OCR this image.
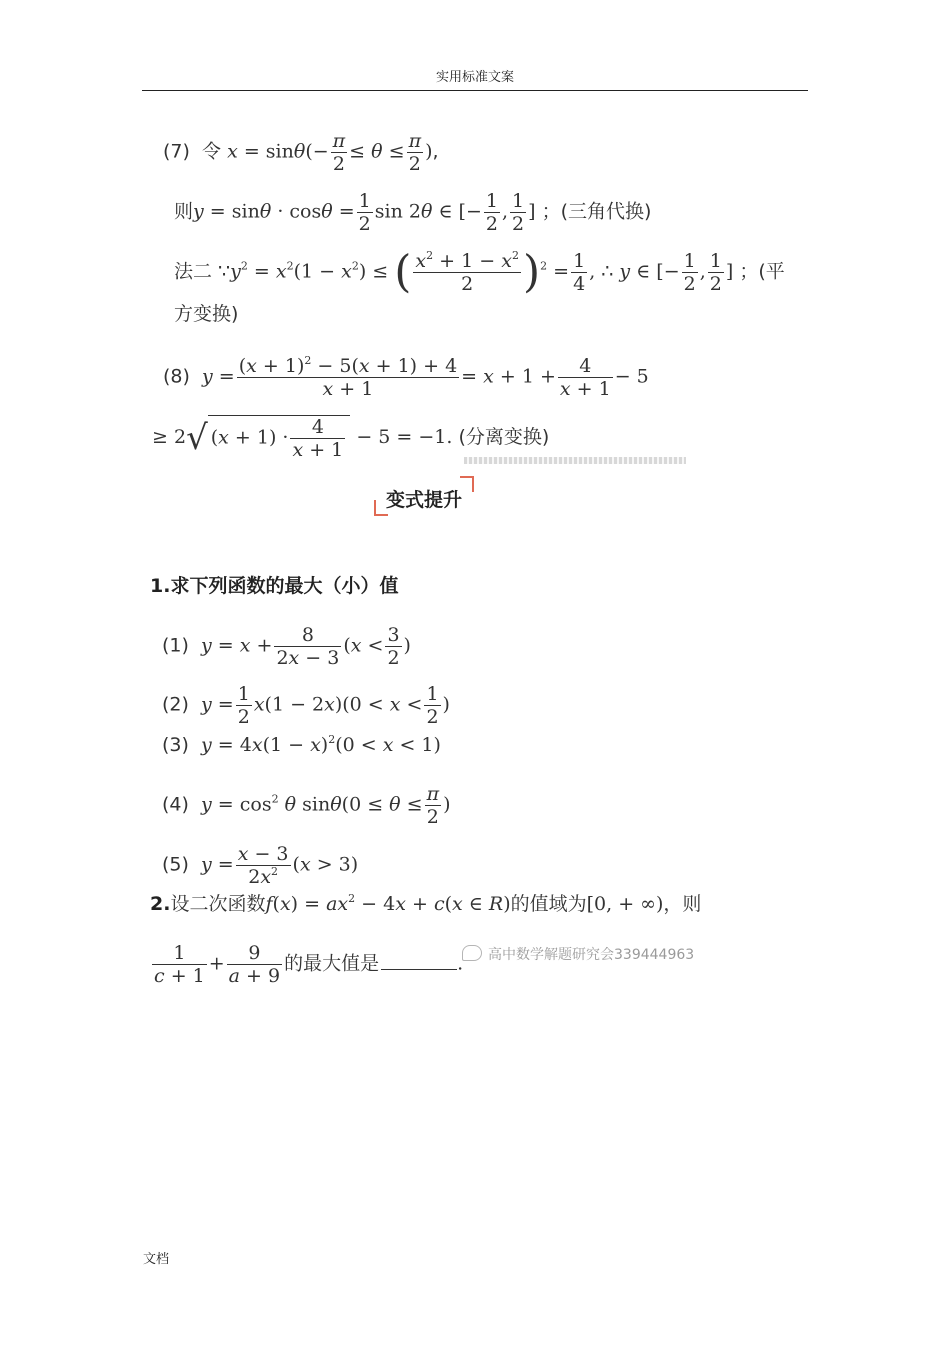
实用标准文案
(7) 令 $x = \sin\theta(- \frac{\pi}{2} \le \theta \le \frac{\pi}{2}$ ),
则$y = \sin\theta \cdot \cos\theta = \frac{1}{2}$ sin 2θ ∈ [− $\frac{1}{2}$ , $\frac{1}{2}$ ] ；(三角代换)
法二 $\because y^2 = x^2(1 - x^2)$ ≤ ( $\frac{x^2 + 1 - x^2}{2} )^2 = \frac{1}{4}$ , ∴ y ∈ [− $\frac{1}{2}$ , $\frac{1}{2}$ ] ；(平
方变换)
(8) $y = \frac{(x + 1)^2 - 5(x + 1) + 4}{x + 1} = x + 1 + \frac{4}{x + 1} - 5$
≥ 2√ $(x + 1) \cdot \frac{4}{x + 1} - 5 = -1$. (分离变换)
变式提升
1.求下列函数的最大（小）值
(1) $y = x + \frac{8}{2x - 3} (x < \frac{3}{2}$ )
(2) $y = \frac{1}{2} x(1 - 2x)(0 < x < \frac{1}{2}$ )
(3) $y = 4x(1 - x)^2(0 < x < 1)$
(4) $y = \cos^2 \theta$ $\sin\theta(0 \le \theta \le \frac{\pi}{2}$ )
(5) $y = \frac{x - 3}{2x^2} (x > 3)$
2.设二次函数$f(x) = ax^2 - 4x + c(x$ ∈ R)的值域为[0, + ∞)，则
$\frac{1}{c + 1} + \frac{9}{a + 9}$ 的最大值是	.	高中数学解题研究会339444963
文档
